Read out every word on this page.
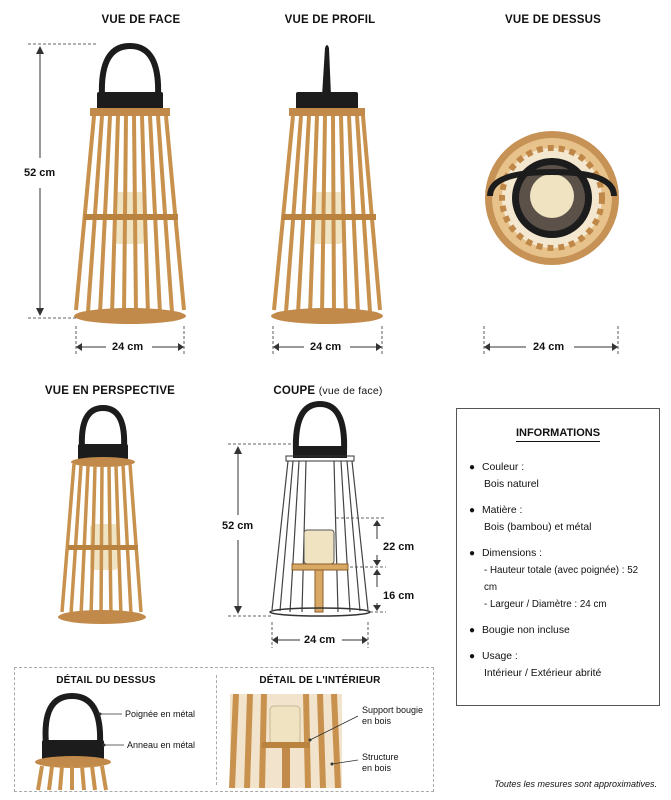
VUE DE FACE	VUE DE PROFIL	VUE DE DESSUS
VUE EN PERSPECTIVE	COUPE (vue de face)
52 cm
24 cm	24 cm	24 cm
52 cm
22 cm
16 cm
24 cm
INFORMATIONS
● Couleur :
Bois naturel
● Matière :
Bois (bambou) et métal
● Dimensions :
- Hauteur totale (avec poignée) : 52 cm
- Largeur / Diamètre : 24 cm
● Bougie non incluse
● Usage :
Intérieur / Extérieur abrité
DÉTAIL DU DESSUS	DÉTAIL DE L'INTÉRIEUR
Poignée en métal
Anneau en métal
Support bougie
en bois
Structure
en bois
Toutes les mesures sont approximatives.
